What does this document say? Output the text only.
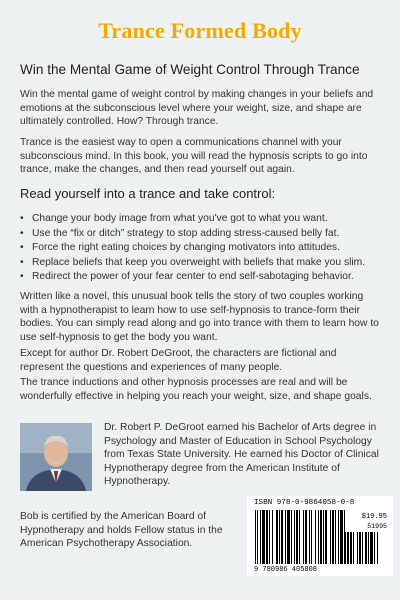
Trance Formed Body
Win the Mental Game of Weight Control Through Trance
Win the mental game of weight control by making changes in your beliefs and emotions at the subconscious level where your weight, size, and shape are ultimately controlled. How? Through trance.
Trance is the easiest way to open a communications channel with your subconscious mind. In this book, you will read the hypnosis scripts to go into trance, make the changes, and then read yourself out again.
Read yourself into a trance and take control:
• Change your body image from what you've got to what you want.
• Use the “fix or ditch” strategy to stop adding stress-caused belly fat.
• Force the right eating choices by changing motivators into attitudes.
• Replace beliefs that keep you overweight with beliefs that make you slim.
• Redirect the power of your fear center to end self-sabotaging behavior.
Written like a novel, this unusual book tells the story of two couples working with a hypnotherapist to learn how to use self-hypnosis to trance-form their bodies. You can simply read along and go into trance with them to learn how to use self-hypnosis to get the body you want.
Except for author Dr. Robert DeGroot, the characters are fictional and represent the questions and experiences of many people.
The trance inductions and other hypnosis processes are real and will be wonderfully effective in helping you reach your weight, size, and shape goals.
Dr. Robert P. DeGroot earned his Bachelor of Arts degree in Psychology and Master of Education in School Psychology from Texas State University. He earned his Doctor of Clinical Hypnotherapy degree from the American Institute of Hypnotherapy.
Bob is certified by the American Board of Hypnotherapy and holds Fellow status in the American Psychotherapy Association.
ISBN 978-0-9864058-0-8
$19.95
51995
9 780986 405808
